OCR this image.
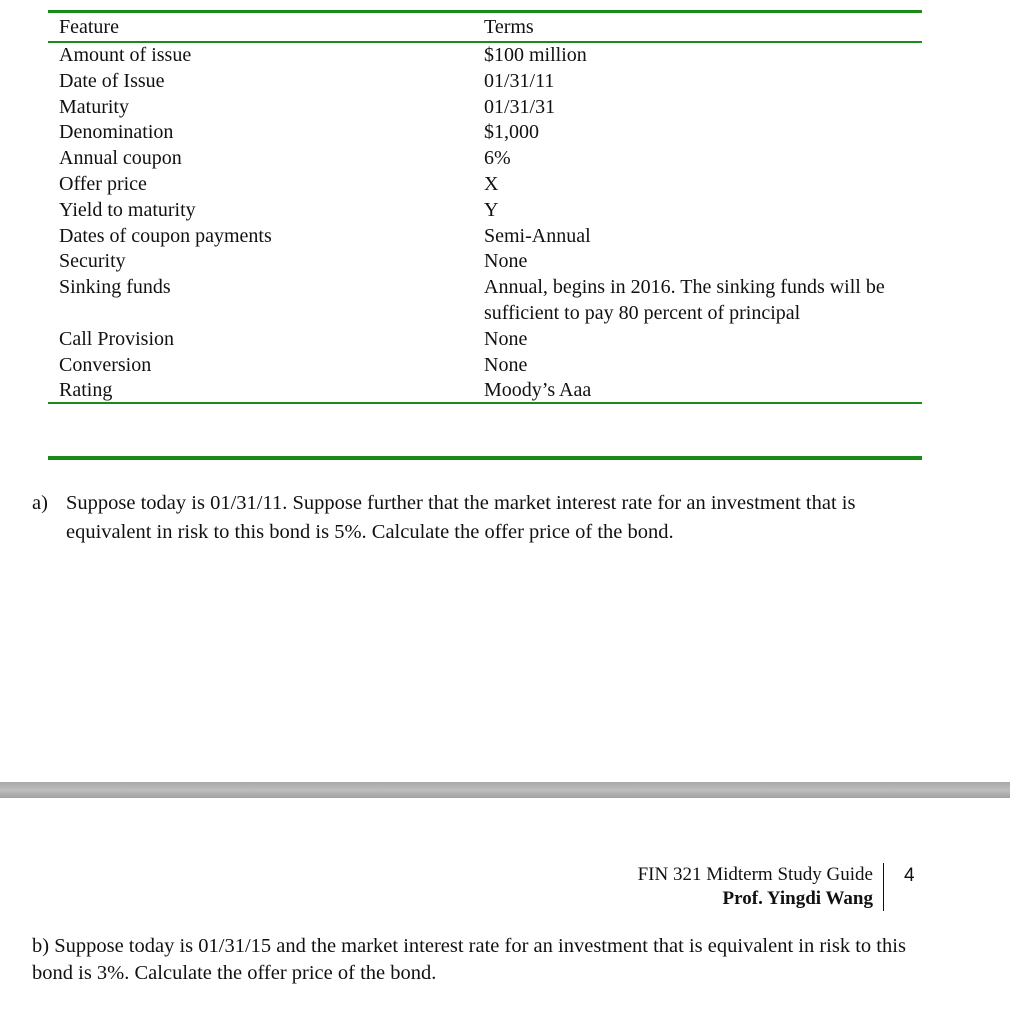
Feature	Terms
Amount of issue	$100 million
Date of Issue	01/31/11
Maturity	01/31/31
Denomination	$1,000
Annual coupon	6%
Offer price	X
Yield to maturity	Y
Dates of coupon payments	Semi-Annual
Security	None
Sinking funds	Annual, begins in 2016. The sinking funds will be sufficient to pay 80 percent of principal
Call Provision	None
Conversion	None
Rating	Moody’s Aaa
a) Suppose today is 01/31/11. Suppose further that the market interest rate for an investment that is equivalent in risk to this bond is 5%. Calculate the offer price of the bond.
FIN 321 Midterm Study Guide
Prof. Yingdi Wang
4
b) Suppose today is 01/31/15 and the market interest rate for an investment that is equivalent in risk to this bond is 3%. Calculate the offer price of the bond.
